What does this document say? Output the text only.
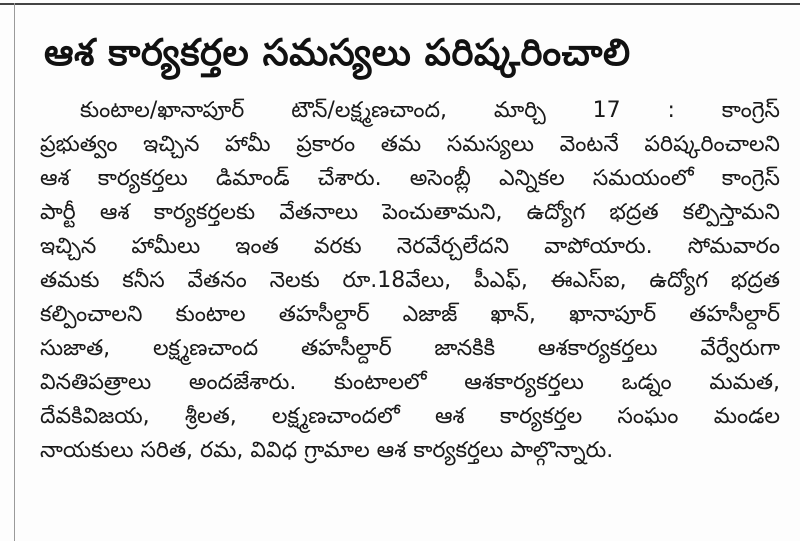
ఆశ కార్యకర్తల సమస్యలు పరిష్కరించాలి
కుంటాల/ఖానాపూర్ టౌన్/లక్ష్మణచాంద, మార్చి 17 : కాంగ్రెస్
ప్రభుత్వం ఇచ్చిన హామీ ప్రకారం తమ సమస్యలు వెంటనే పరిష్కరించాలని
ఆశ కార్యకర్తలు డిమాండ్ చేశారు. అసెంబ్లీ ఎన్నికల సమయంలో కాంగ్రెస్
పార్టీ ఆశ కార్యకర్తలకు వేతనాలు పెంచుతామని, ఉద్యోగ భద్రత కల్పిస్తామని
ఇచ్చిన హామీలు ఇంత వరకు నెరవేర్చలేదని వాపోయారు. సోమవారం
తమకు కనీస వేతనం నెలకు రూ.18వేలు, పీఎఫ్, ఈఎస్ఐ, ఉద్యోగ భద్రత
కల్పించాలని కుంటాల తహసీల్దార్ ఎజాజ్ ఖాన్, ఖానాపూర్ తహసీల్దార్
సుజాత, లక్ష్మణచాంద తహసీల్దార్ జానకికి ఆశకార్యకర్తలు వేర్వేరుగా
వినతిపత్రాలు అందజేశారు. కుంటాలలో ఆశకార్యకర్తలు ఒడ్నం మమత,
దేవకివిజయ, శ్రీలత, లక్ష్మణచాందలో ఆశ కార్యకర్తల సంఘం మండల
నాయకులు సరిత, రమ, వివిధ గ్రామాల ఆశ కార్యకర్తలు పాల్గొన్నారు.
